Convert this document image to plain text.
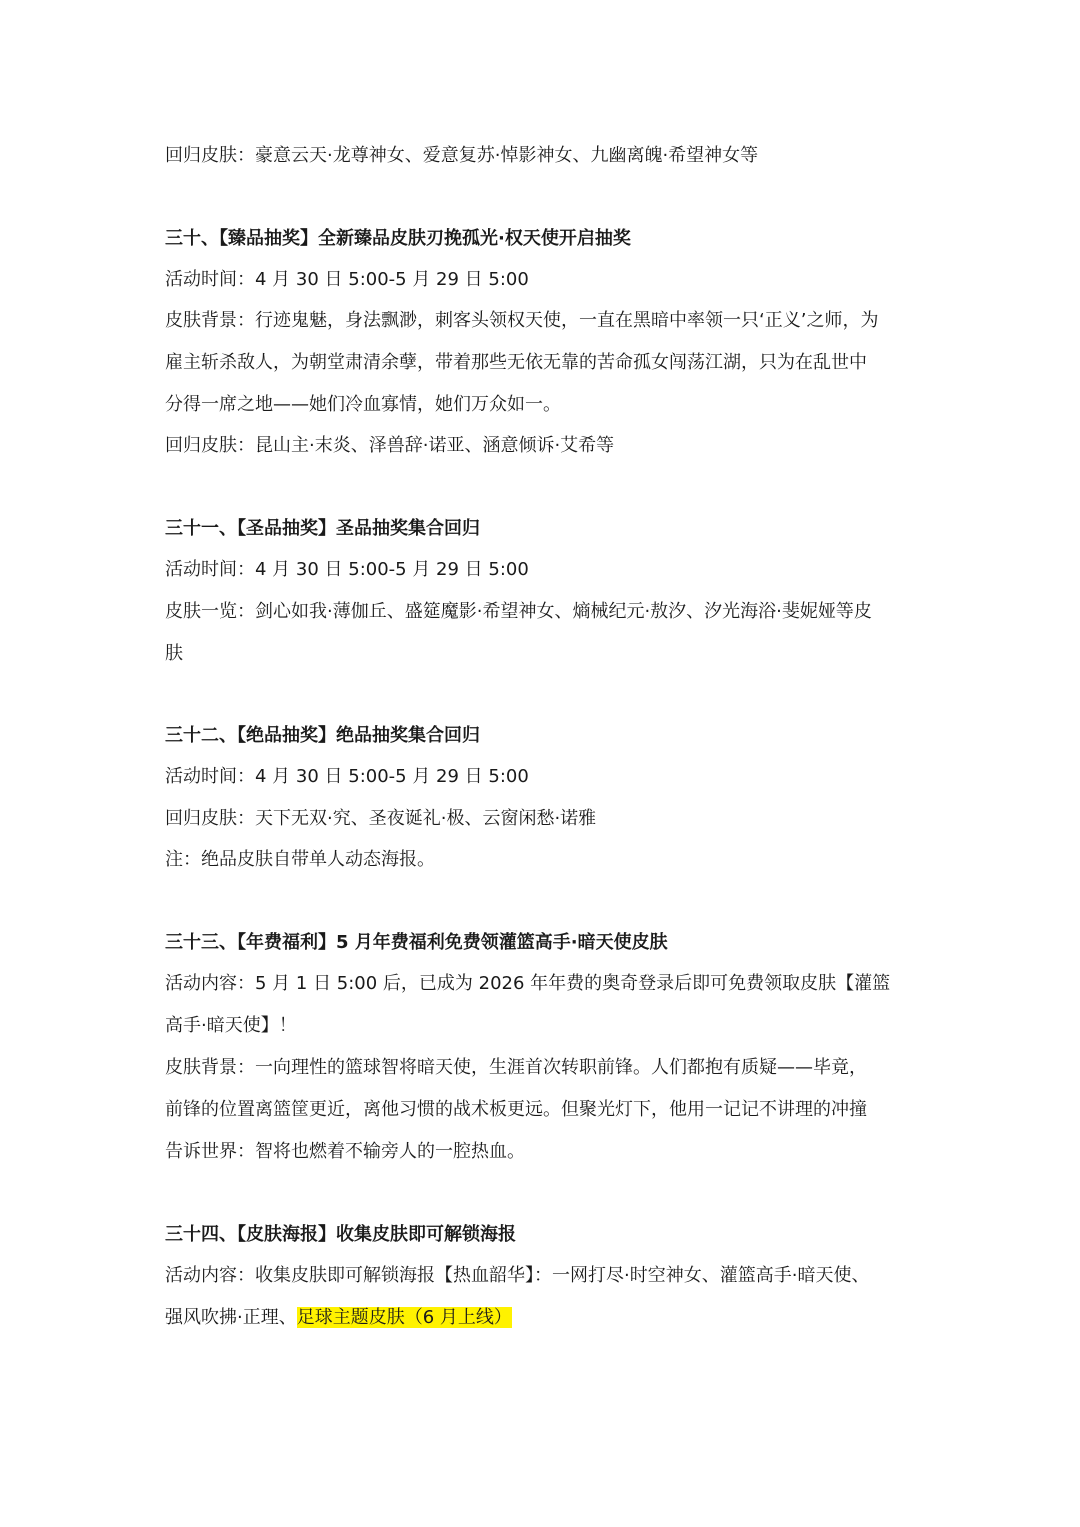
回归皮肤：豪意云天·龙尊神女、爱意复苏·悼影神女、九幽离魄·希望神女等
三十、【臻品抽奖】全新臻品皮肤刃挽孤光·权天使开启抽奖
活动时间：4 月 30 日 5:00-5 月 29 日 5:00
皮肤背景：行迹鬼魅，身法飘渺，刺客头领权天使，一直在黑暗中率领一只‘正义’之师，为
雇主斩杀敌人，为朝堂肃清余孽，带着那些无依无靠的苦命孤女闯荡江湖，只为在乱世中
分得一席之地——她们冷血寡情，她们万众如一。
回归皮肤：昆山主·末炎、泽兽辞·诺亚、涵意倾诉·艾希等
三十一、【圣品抽奖】圣品抽奖集合回归
活动时间：4 月 30 日 5:00-5 月 29 日 5:00
皮肤一览：剑心如我·薄伽丘、盛筵魔影·希望神女、熵械纪元·敖汐、汐光海浴·斐妮娅等皮
肤
三十二、【绝品抽奖】绝品抽奖集合回归
活动时间：4 月 30 日 5:00-5 月 29 日 5:00
回归皮肤：天下无双·究、圣夜诞礼·极、云窗闲愁·诺雅
注：绝品皮肤自带单人动态海报。
三十三、【年费福利】5 月年费福利免费领灌篮高手·暗天使皮肤
活动内容：5 月 1 日 5:00 后，已成为 2026 年年费的奥奇登录后即可免费领取皮肤【灌篮
高手·暗天使】！
皮肤背景：一向理性的篮球智将暗天使，生涯首次转职前锋。人们都抱有质疑——毕竟，
前锋的位置离篮筐更近，离他习惯的战术板更远。但聚光灯下，他用一记记不讲理的冲撞
告诉世界：智将也燃着不输旁人的一腔热血。
三十四、【皮肤海报】收集皮肤即可解锁海报
活动内容：收集皮肤即可解锁海报【热血韶华】：一网打尽·时空神女、灌篮高手·暗天使、
强风吹拂·正理、足球主题皮肤（6 月上线）
